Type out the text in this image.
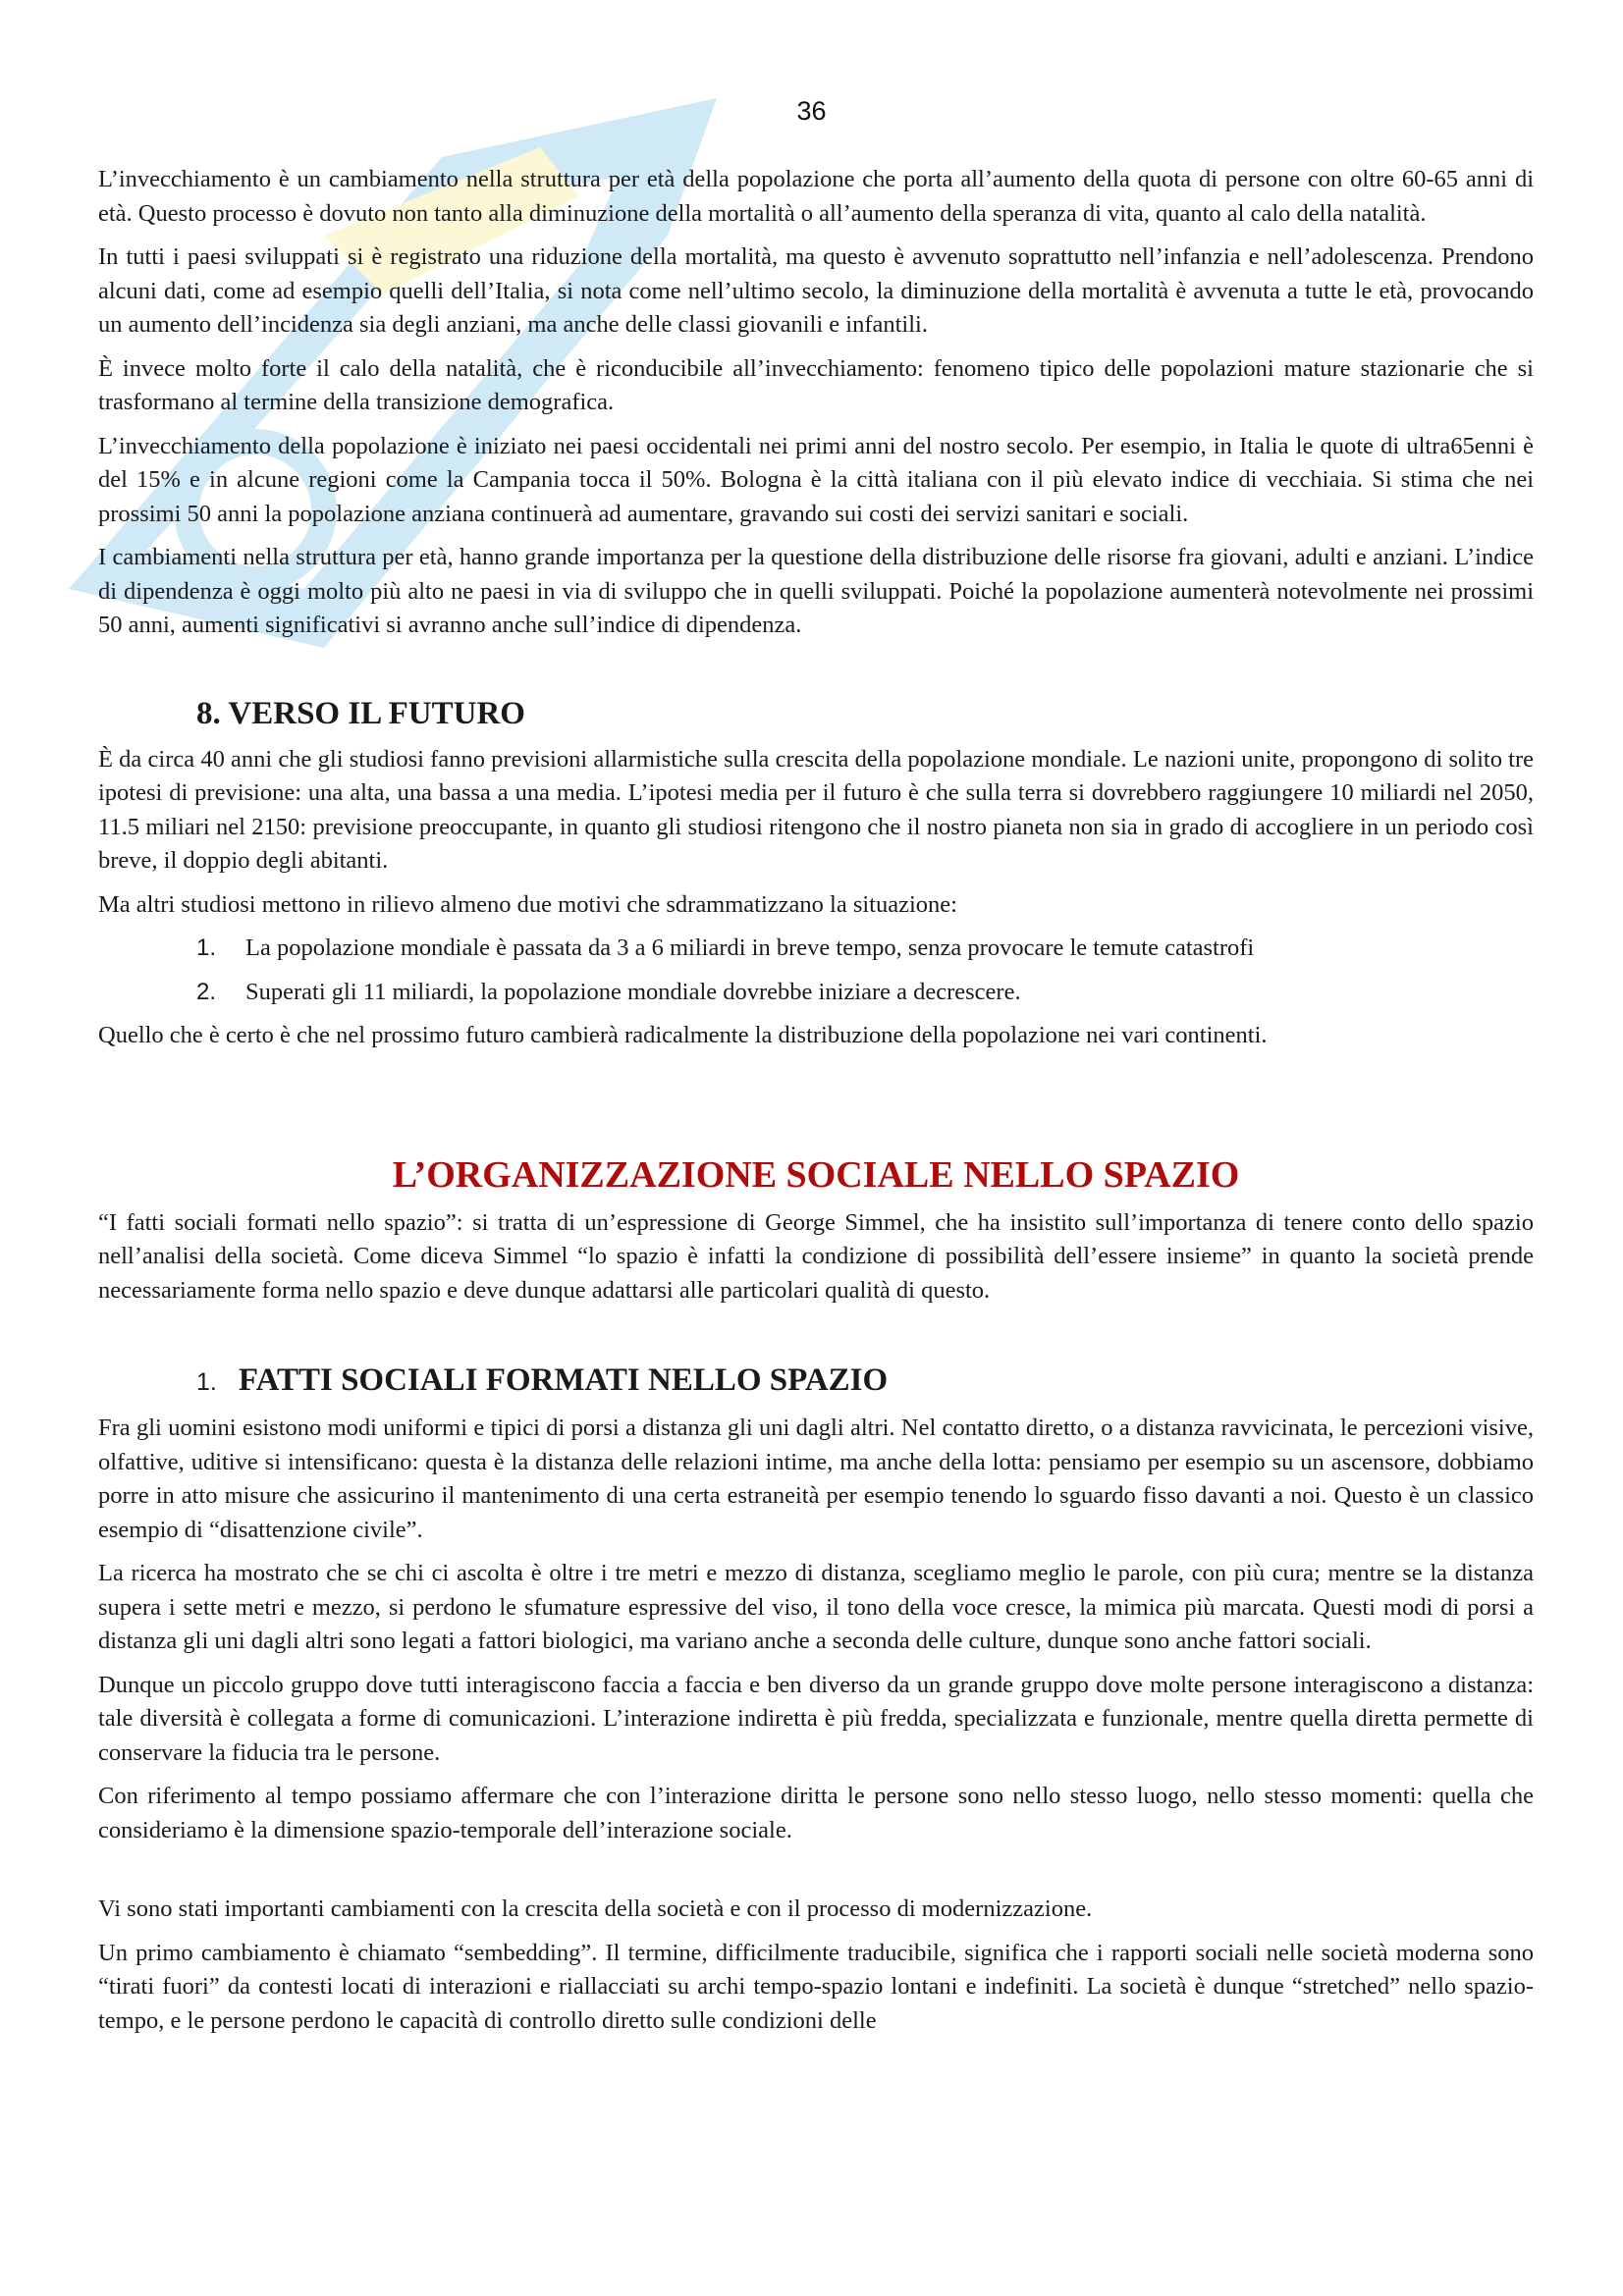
36

L’invecchiamento è un cambiamento nella struttura per età della popolazione che porta all’aumento della quota di persone con oltre 60-65 anni di età. Questo processo è dovuto non tanto alla diminuzione della mortalità o all’aumento della speranza di vita, quanto al calo della natalità.

In tutti i paesi sviluppati si è registrato una riduzione della mortalità, ma questo è avvenuto soprattutto nell’infanzia e nell’adolescenza. Prendono alcuni dati, come ad esempio quelli dell’Italia, si nota come nell’ultimo secolo, la diminuzione della mortalità è avvenuta a tutte le età, provocando un aumento dell’incidenza sia degli anziani, ma anche delle classi giovanili e infantili.

È invece molto forte il calo della natalità, che è riconducibile all’invecchiamento: fenomeno tipico delle popolazioni mature stazionarie che si trasformano al termine della transizione demografica.

L’invecchiamento della popolazione è iniziato nei paesi occidentali nei primi anni del nostro secolo. Per esempio, in Italia le quote di ultra65enni è del 15% e in alcune regioni come la Campania tocca il 50%. Bologna è la città italiana con il più elevato indice di vecchiaia. Si stima che nei prossimi 50 anni la popolazione anziana continuerà ad aumentare, gravando sui costi dei servizi sanitari e sociali.

I cambiamenti nella struttura per età, hanno grande importanza per la questione della distribuzione delle risorse fra giovani, adulti e anziani. L’indice di dipendenza è oggi molto più alto ne paesi in via di sviluppo che in quelli sviluppati. Poiché la popolazione aumenterà notevolmente nei prossimi 50 anni, aumenti significativi si avranno anche sull’indice di dipendenza.

8. VERSO IL FUTURO

È da circa 40 anni che gli studiosi fanno previsioni allarmistiche sulla crescita della popolazione mondiale. Le nazioni unite, propongono di solito tre ipotesi di previsione: una alta, una bassa a una media. L’ipotesi media per il futuro è che sulla terra si dovrebbero raggiungere 10 miliardi nel 2050, 11.5 miliari nel 2150: previsione preoccupante, in quanto gli studiosi ritengono che il nostro pianeta non sia in grado di accogliere in un periodo così breve, il doppio degli abitanti.

Ma altri studiosi mettono in rilievo almeno due motivi che sdrammatizzano la situazione:

1. La popolazione mondiale è passata da 3 a 6 miliardi in breve tempo, senza provocare le temute catastrofi
2. Superati gli 11 miliardi, la popolazione mondiale dovrebbe iniziare a decrescere.

Quello che è certo è che nel prossimo futuro cambierà radicalmente la distribuzione della popolazione nei vari continenti.

L’ORGANIZZAZIONE SOCIALE NELLO SPAZIO

“I fatti sociali formati nello spazio”: si tratta di un’espressione di George Simmel, che ha insistito sull’importanza di tenere conto dello spazio nell’analisi della società. Come diceva Simmel “lo spazio è infatti la condizione di possibilità dell’essere insieme” in quanto la società prende necessariamente forma nello spazio e deve dunque adattarsi alle particolari qualità di questo.

1. FATTI SOCIALI FORMATI NELLO SPAZIO

Fra gli uomini esistono modi uniformi e tipici di porsi a distanza gli uni dagli altri. Nel contatto diretto, o a distanza ravvicinata, le percezioni visive, olfattive, uditive si intensificano: questa è la distanza delle relazioni intime, ma anche della lotta: pensiamo per esempio su un ascensore, dobbiamo porre in atto misure che assicurino il mantenimento di una certa estraneità per esempio tenendo lo sguardo fisso davanti a noi. Questo è un classico esempio di “disattenzione civile”.

La ricerca ha mostrato che se chi ci ascolta è oltre i tre metri e mezzo di distanza, scegliamo meglio le parole, con più cura; mentre se la distanza supera i sette metri e mezzo, si perdono le sfumature espressive del viso, il tono della voce cresce, la mimica più marcata. Questi modi di porsi a distanza gli uni dagli altri sono legati a fattori biologici, ma variano anche a seconda delle culture, dunque sono anche fattori sociali.

Dunque un piccolo gruppo dove tutti interagiscono faccia a faccia e ben diverso da un grande gruppo dove molte persone interagiscono a distanza: tale diversità è collegata a forme di comunicazioni. L’interazione indiretta è più fredda, specializzata e funzionale, mentre quella diretta permette di conservare la fiducia tra le persone.

Con riferimento al tempo possiamo affermare che con l’interazione diritta le persone sono nello stesso luogo, nello stesso momenti: quella che consideriamo è la dimensione spazio-temporale dell’interazione sociale.

Vi sono stati importanti cambiamenti con la crescita della società e con il processo di modernizzazione.

Un primo cambiamento è chiamato “sembedding”. Il termine, difficilmente traducibile, significa che i rapporti sociali nelle società moderna sono “tirati fuori” da contesti locati di interazioni e riallacciati su archi tempo-spazio lontani e indefiniti. La società è dunque “stretched” nello spazio-tempo, e le persone perdono le capacità di controllo diretto sulle condizioni delle
